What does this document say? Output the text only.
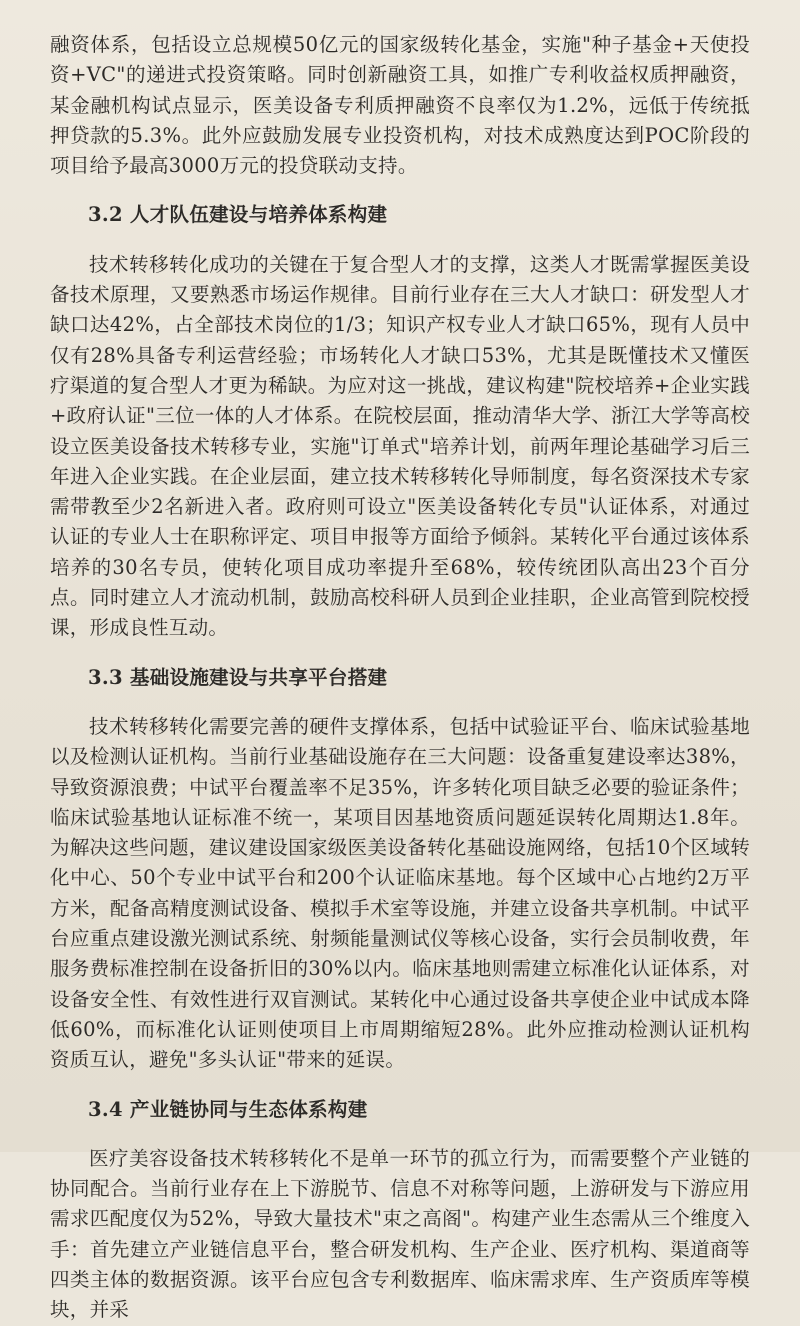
融资体系，包括设立总规模50亿元的国家级转化基金，实施"种子基金+天使投资+VC"的递进式投资策略。同时创新融资工具，如推广专利收益权质押融资，某金融机构试点显示，医美设备专利质押融资不良率仅为1.2%，远低于传统抵押贷款的5.3%。此外应鼓励发展专业投资机构，对技术成熟度达到POC阶段的项目给予最高3000万元的投贷联动支持。

3.2 人才队伍建设与培养体系构建

技术转移转化成功的关键在于复合型人才的支撑，这类人才既需掌握医美设备技术原理，又要熟悉市场运作规律。目前行业存在三大人才缺口：研发型人才缺口达42%，占全部技术岗位的1/3；知识产权专业人才缺口65%，现有人员中仅有28%具备专利运营经验；市场转化人才缺口53%，尤其是既懂技术又懂医疗渠道的复合型人才更为稀缺。为应对这一挑战，建议构建"院校培养+企业实践+政府认证"三位一体的人才体系。在院校层面，推动清华大学、浙江大学等高校设立医美设备技术转移专业，实施"订单式"培养计划，前两年理论基础学习后三年进入企业实践。在企业层面，建立技术转移转化导师制度，每名资深技术专家需带教至少2名新进入者。政府则可设立"医美设备转化专员"认证体系，对通过认证的专业人士在职称评定、项目申报等方面给予倾斜。某转化平台通过该体系培养的30名专员，使转化项目成功率提升至68%，较传统团队高出23个百分点。同时建立人才流动机制，鼓励高校科研人员到企业挂职，企业高管到院校授课，形成良性互动。

3.3 基础设施建设与共享平台搭建

技术转移转化需要完善的硬件支撑体系，包括中试验证平台、临床试验基地以及检测认证机构。当前行业基础设施存在三大问题：设备重复建设率达38%，导致资源浪费；中试平台覆盖率不足35%，许多转化项目缺乏必要的验证条件；临床试验基地认证标准不统一，某项目因基地资质问题延误转化周期达1.8年。为解决这些问题，建议建设国家级医美设备转化基础设施网络，包括10个区域转化中心、50个专业中试平台和200个认证临床基地。每个区域中心占地约2万平方米，配备高精度测试设备、模拟手术室等设施，并建立设备共享机制。中试平台应重点建设激光测试系统、射频能量测试仪等核心设备，实行会员制收费，年服务费标准控制在设备折旧的30%以内。临床基地则需建立标准化认证体系，对设备安全性、有效性进行双盲测试。某转化中心通过设备共享使企业中试成本降低60%，而标准化认证则使项目上市周期缩短28%。此外应推动检测认证机构资质互认，避免"多头认证"带来的延误。

3.4 产业链协同与生态体系构建

医疗美容设备技术转移转化不是单一环节的孤立行为，而需要整个产业链的协同配合。当前行业存在上下游脱节、信息不对称等问题，上游研发与下游应用需求匹配度仅为52%，导致大量技术"束之高阁"。构建产业生态需从三个维度入手：首先建立产业链信息平台，整合研发机构、生产企业、医疗机构、渠道商等四类主体的数据资源。该平台应包含专利数据库、临床需求库、生产资质库等模块，并采
